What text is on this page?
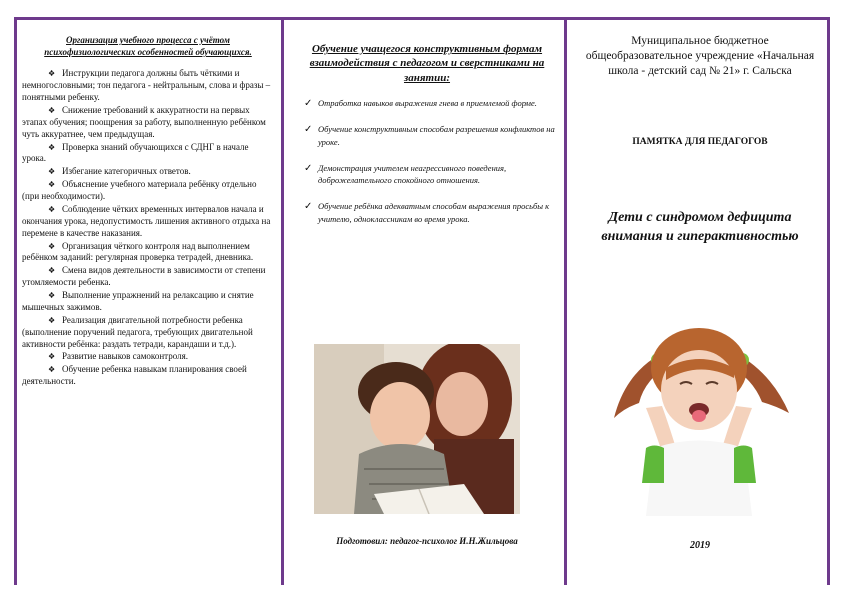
Организация учебного процесса с учётом психофизиологических особенностей обучающихся.
❖ Инструкции педагога должны быть чёткими и немногословными; тон педагога - нейтральным, слова и фразы – понятными ребенку.
❖ Снижение требований к аккуратности на первых этапах обучения; поощрения за работу, выполненную ребёнком чуть аккуратнее, чем предыдущая.
❖ Проверка знаний обучающихся с СДНГ в начале урока.
❖ Избегание категоричных ответов.
❖ Объяснение учебного материала ребёнку отдельно (при необходимости).
❖ Соблюдение чётких временных интервалов начала и окончания урока, недопустимость лишения активного отдыха на перемене в качестве наказания.
❖ Организация чёткого контроля над выполнением ребёнком заданий: регулярная проверка тетрадей, дневника.
❖ Смена видов деятельности в зависимости от степени утомляемости ребенка.
❖ Выполнение упражнений на релаксацию и снятие мышечных зажимов.
❖ Реализация двигательной потребности ребенка (выполнение поручений педагога, требующих двигательной активности ребёнка: раздать тетради, карандаши и т.д.).
❖ Развитие навыков самоконтроля.
❖ Обучение ребенка навыкам планирования своей деятельности.
Обучение учащегося конструктивным формам взаимодействия с педагогом и сверстниками на занятии:
✓ Отработка навыков выражения гнева в приемлемой форме.
✓ Обучение конструктивным способам разрешения конфликтов на уроке.
✓ Демонстрация учителем неагрессивного поведения, доброжелательного спокойного отношения.
✓ Обучение ребёнка адекватным способам выражения просьбы к учителю, одноклассникам во время урока.
Подготовил: педагог-психолог И.Н.Жильцова
Муниципальное бюджетное общеобразовательное учреждение «Начальная школа - детский сад № 21» г. Сальска
ПАМЯТКА ДЛЯ ПЕДАГОГОВ
Дети с синдромом дефицита внимания и гиперактивностью
2019
